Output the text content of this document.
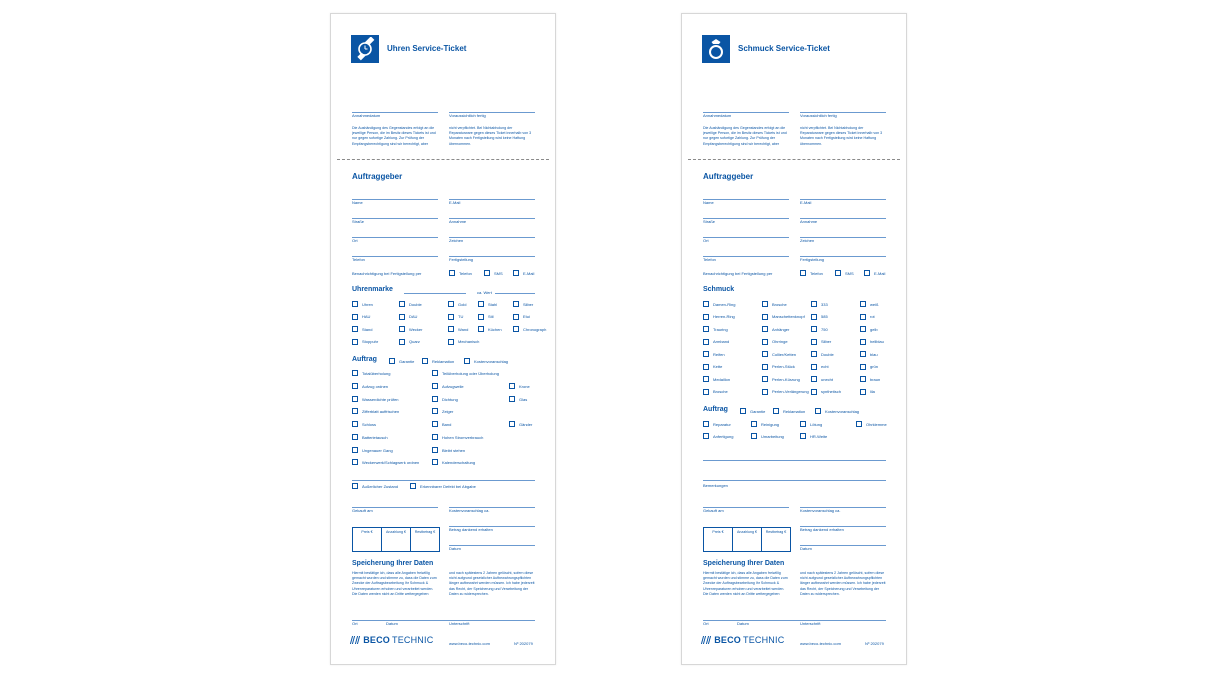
Uhren Service-Ticket
Annahmedatum	Voraussichtlich fertig
Die Aushändigung des Gegenstandes erfolgt an die jeweilige Person, die im Besitz dieses Tickets ist und nur gegen sofortige Zahlung. Zur Prüfung der Empfangsberechtigung sind wir berechtigt, aber
nicht verpflichtet. Bei Nichtabholung der Reparaturware gegen dieses Ticket innerhalb von 3 Monaten nach Fertigstellung wird keine Haftung übernommen.
Auftraggeber
Name	E-Mail
Straße	Annahme
Ort	Zeichen
Telefon	Fertigstellung
Benachrichtigung bei Fertigstellung per	Telefon	SMS	E-Mail
Uhrenmarke	ca. Wert
Uhren	Double	Gold	Stahl	Silber
HAU	DAU	TU	Stil	Etui
Stand	Wecker	Wand	Küchen	Chronograph
Stoppuhr	Quarz	Mechanisch
Auftrag	Garantie	Reklamation	Kostenvoranschlag
Totalüberholung	Teilüberholung oder Überholung
Aufzug ordnen	Aufzugwelle	Krone
Wasserdichte prüfen	Dichtung	Glas
Zifferblatt auffrischen	Zeiger
Schloss	Band	Gänder
Batterietausch	Hohen Stromverbrauch
Ungenauer Gang	Bleibt stehen
Weckerwerk/Schlagwerk ordnen	Kalenderschaltung
Äußerlicher Zustand	Erkennbarer Defekt bei Abgabe
Gekauft am	Kostenvoranschlag ca.
Preis €	Anzahlung €	Restbetrag €	Betrag dankend erhalten
Datum
Speicherung Ihrer Daten
Hiermit bestätige ich, dass alle Angaben freiwillig gemacht wurden und stimme zu, dass die Daten zum Zwecke der Auftragsbearbeitung Ihr Schmuck & Uhrenreparaturen erhoben und verarbeitet werden. Die Daten werden nicht an Dritte weitergegeben
und nach spätestens 2 Jahren gelöscht, sofern diese nicht aufgrund gesetzlicher Aufbewahrungspflichten länger aufbewahrt werden müssen. Ich habe jederzeit das Recht, der Speicherung und Verarbeitung der Daten zu widersprechen.
Ort	Datum	Unterschrift
BECO TECHNIC	www.beco-technic.com	Nº 202079
Schmuck Service-Ticket
Annahmedatum	Voraussichtlich fertig
Die Aushändigung des Gegenstandes erfolgt an die jeweilige Person, die im Besitz dieses Tickets ist und nur gegen sofortige Zahlung. Zur Prüfung der Empfangsberechtigung sind wir berechtigt, aber
nicht verpflichtet. Bei Nichtabholung der Reparaturware gegen dieses Ticket innerhalb von 3 Monaten nach Fertigstellung wird keine Haftung übernommen.
Auftraggeber
Name	E-Mail
Straße	Annahme
Ort	Zeichen
Telefon	Fertigstellung
Benachrichtigung bei Fertigstellung per	Telefon	SMS	E-Mail
Schmuck
Damen-Ring	Brosche	333	weiß
Herren-Ring	Manschettenknopf	585	rot
Trauring	Anhänger	750	gelb
Armband	Ohrringe	Silber	hellblau
Reifen	Collier/Ketten	Double	blau
Kette	Perlen-Stück	echt	grün
Medaillon	Perlen-Kürzung	unecht	braun
Brosche	Perlen-Verlängerung	synthetisch	lila
Auftrag	Garantie	Reklamation	Kostenvoranschlag
Reparatur	Reinigung	Lötung	Ohrklemme
Anfertigung	Umarbeitung	HR-Weite
Bemerkungen
Gekauft am	Kostenvoranschlag ca.
Preis €	Anzahlung €	Restbetrag €	Betrag dankend erhalten
Datum
Speicherung Ihrer Daten
Hiermit bestätige ich, dass alle Angaben freiwillig gemacht wurden und stimme zu, dass die Daten zum Zwecke der Auftragsbearbeitung Ihr Schmuck & Uhrenreparaturen erhoben und verarbeitet werden. Die Daten werden nicht an Dritte weitergegeben
und nach spätestens 2 Jahren gelöscht, sofern diese nicht aufgrund gesetzlicher Aufbewahrungspflichten länger aufbewahrt werden müssen. Ich habe jederzeit das Recht, der Speicherung und Verarbeitung der Daten zu widersprechen.
Ort	Datum	Unterschrift
BECO TECHNIC	www.beco-technic.com	Nº 202079
